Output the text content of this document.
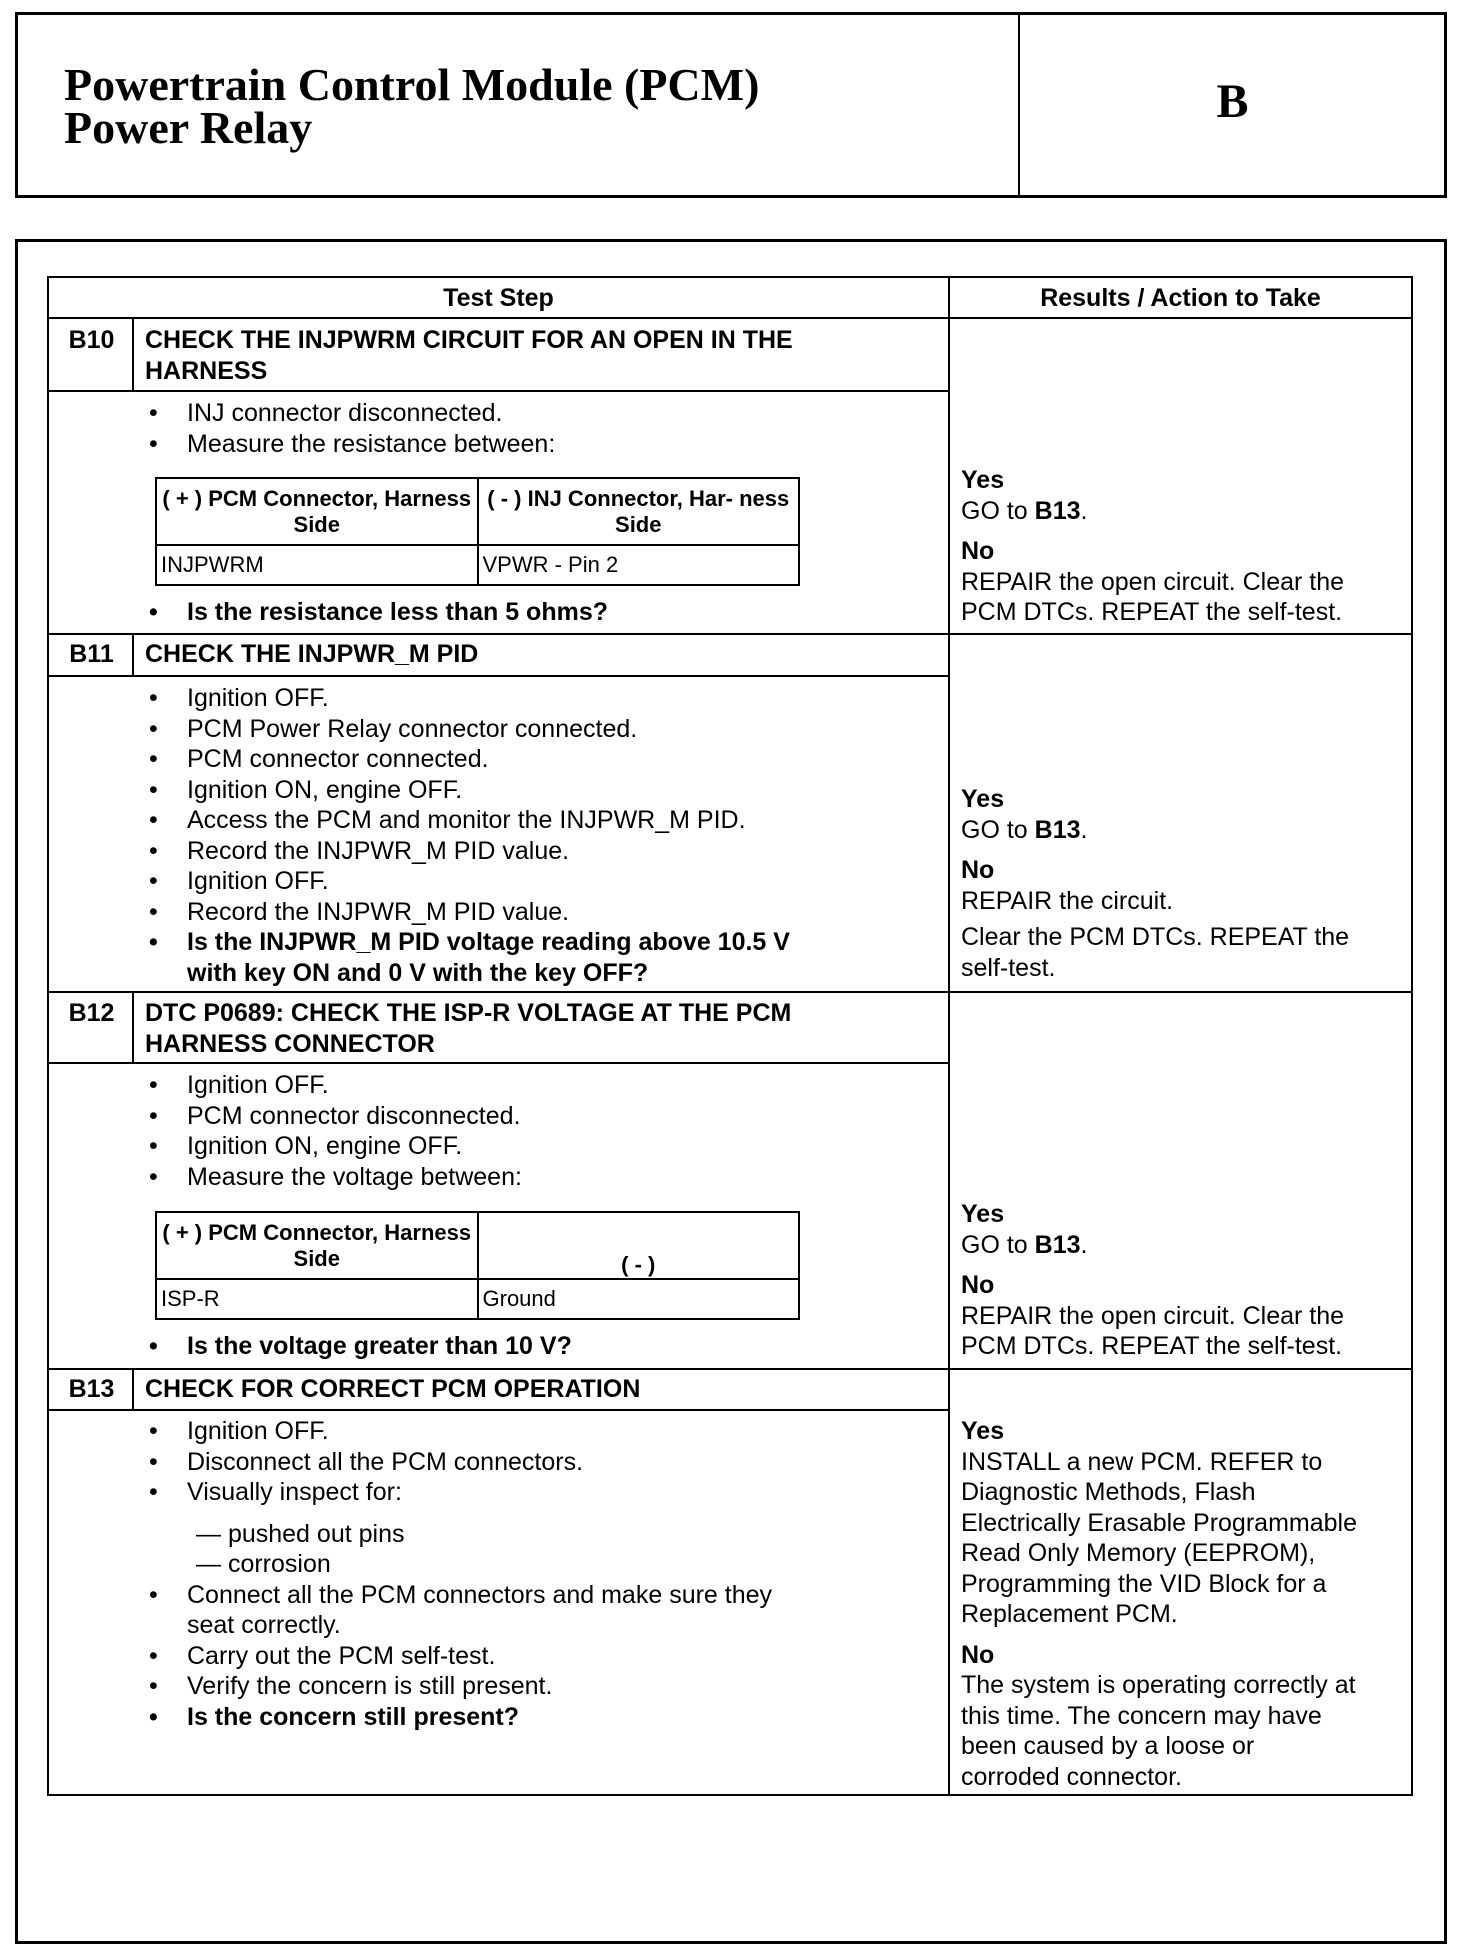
Powertrain Control Module (PCM)
Power Relay	B
Test Step	Results / Action to Take
B10	CHECK THE INJPWRM CIRCUIT FOR AN OPEN IN THE
HARNESS
• INJ connector disconnected.
• Measure the resistance between:
( + ) PCM Connector, Harness Side	( - ) INJ Connector, Har- ness Side
INJPWRM	VPWR - Pin 2
• Is the resistance less than 5 ohms?
Yes
GO to B13.
No
REPAIR the open circuit. Clear the
PCM DTCs. REPEAT the self-test.
B11	CHECK THE INJPWR_M PID
• Ignition OFF.
• PCM Power Relay connector connected.
• PCM connector connected.
• Ignition ON, engine OFF.
• Access the PCM and monitor the INJPWR_M PID.
• Record the INJPWR_M PID value.
• Ignition OFF.
• Record the INJPWR_M PID value.
• Is the INJPWR_M PID voltage reading above 10.5 V
with key ON and 0 V with the key OFF?
Yes
GO to B13.
No
REPAIR the circuit.
Clear the PCM DTCs. REPEAT the
self-test.
B12	DTC P0689: CHECK THE ISP-R VOLTAGE AT THE PCM
HARNESS CONNECTOR
• Ignition OFF.
• PCM connector disconnected.
• Ignition ON, engine OFF.
• Measure the voltage between:
( + ) PCM Connector, Harness Side	( - )
ISP-R	Ground
• Is the voltage greater than 10 V?
Yes
GO to B13.
No
REPAIR the open circuit. Clear the
PCM DTCs. REPEAT the self-test.
B13	CHECK FOR CORRECT PCM OPERATION
• Ignition OFF.
• Disconnect all the PCM connectors.
• Visually inspect for:
— pushed out pins
— corrosion
• Connect all the PCM connectors and make sure they
seat correctly.
• Carry out the PCM self-test.
• Verify the concern is still present.
• Is the concern still present?
Yes
INSTALL a new PCM. REFER to
Diagnostic Methods, Flash
Electrically Erasable Programmable
Read Only Memory (EEPROM),
Programming the VID Block for a
Replacement PCM.
No
The system is operating correctly at
this time. The concern may have
been caused by a loose or
corroded connector.
